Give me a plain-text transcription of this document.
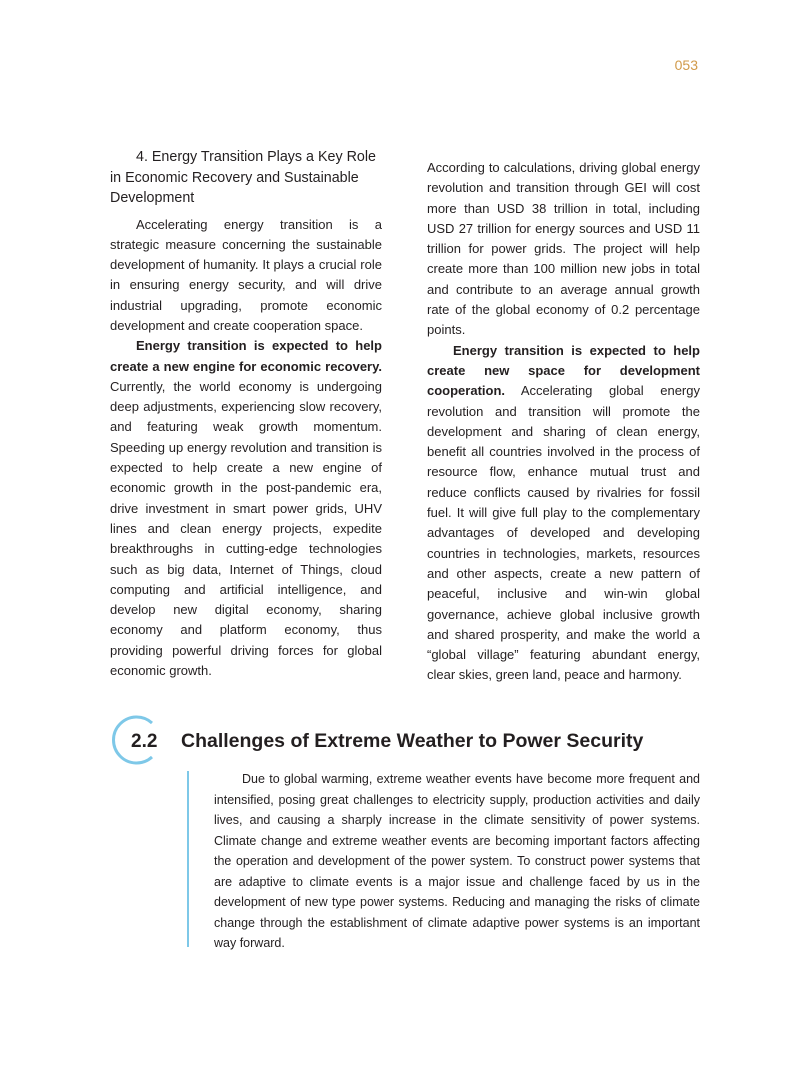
053
4. Energy Transition Plays a Key Role in Economic Recovery and Sustainable Development

Accelerating energy transition is a strategic measure concerning the sustainable development of humanity. It plays a crucial role in ensuring energy security, and will drive industrial upgrading, promote economic development and create cooperation space.

Energy transition is expected to help create a new engine for economic recovery. Currently, the world economy is undergoing deep adjustments, experiencing slow recovery, and featuring weak growth momentum. Speeding up energy revolution and transition is expected to help create a new engine of economic growth in the post-pandemic era, drive investment in smart power grids, UHV lines and clean energy projects, expedite breakthroughs in cutting-edge technologies such as big data, Internet of Things, cloud computing and artificial intelligence, and develop new digital economy, sharing economy and platform economy, thus providing powerful driving forces for global economic growth.

According to calculations, driving global energy revolution and transition through GEI will cost more than USD 38 trillion in total, including USD 27 trillion for energy sources and USD 11 trillion for power grids. The project will help create more than 100 million new jobs in total and contribute to an average annual growth rate of the global economy of 0.2 percentage points.

Energy transition is expected to help create new space for development cooperation. Accelerating global energy revolution and transition will promote the development and sharing of clean energy, benefit all countries involved in the process of resource flow, enhance mutual trust and reduce conflicts caused by rivalries for fossil fuel. It will give full play to the complementary advantages of developed and developing countries in technologies, markets, resources and other aspects, create a new pattern of peaceful, inclusive and win-win global governance, achieve global inclusive growth and shared prosperity, and make the world a “global village” featuring abundant energy, clear skies, green land, peace and harmony.

2.2 Challenges of Extreme Weather to Power Security

Due to global warming, extreme weather events have become more frequent and intensified, posing great challenges to electricity supply, production activities and daily lives, and causing a sharply increase in the climate sensitivity of power systems. Climate change and extreme weather events are becoming important factors affecting the operation and development of the power system. To construct power systems that are adaptive to climate events is a major issue and challenge faced by us in the development of new type power systems. Reducing and managing the risks of climate change through the establishment of climate adaptive power systems is an important way forward.
